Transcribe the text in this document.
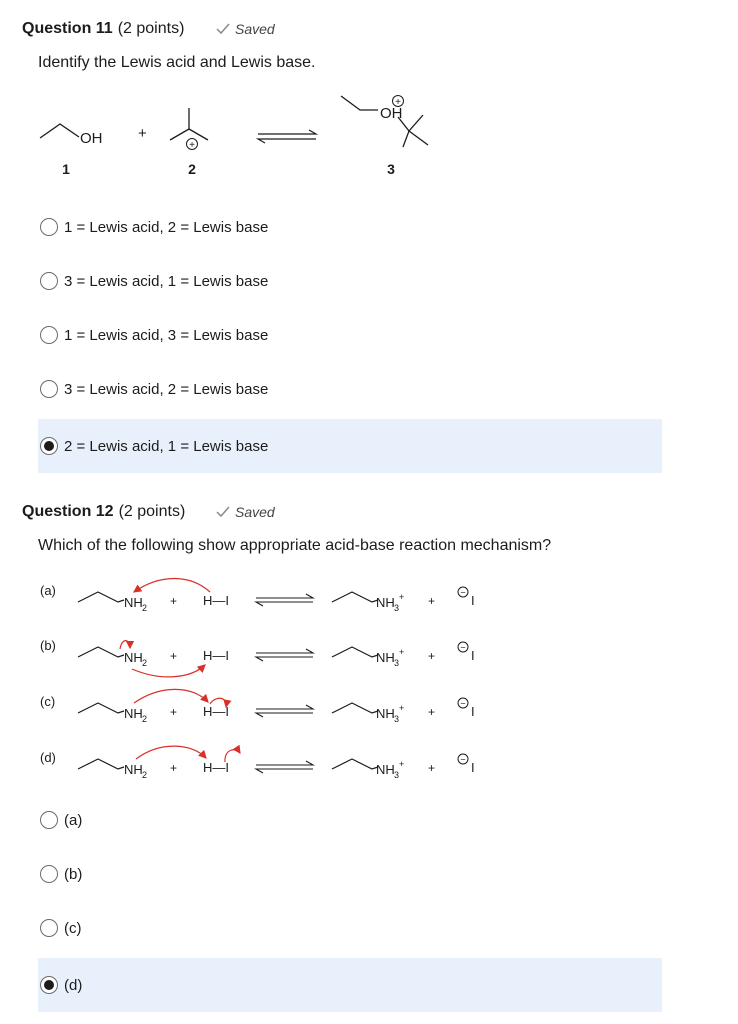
Question 11 (2 points)	Saved
Identify the Lewis acid and Lewis base.
OH +
+
+
OH
1	2	3
1 = Lewis acid, 2 = Lewis base
3 = Lewis acid, 1 = Lewis base
1 = Lewis acid, 3 = Lewis base
3 = Lewis acid, 2 = Lewis base
2 = Lewis acid, 1 = Lewis base
Question 12 (2 points)	Saved
Which of the following show appropriate acid-base reaction mechanism?
(a)
NH 2 + H—I	NH 3
+ +
−
I
(b)
NH 2 + H—I	NH 3
+ +
−
I
(c)
NH 2 + H—I	NH 3
+ +
−
I
(d)
NH 2 + H—I	NH 3
+ +
−
I
(a)
(b)
(c)
(d)
